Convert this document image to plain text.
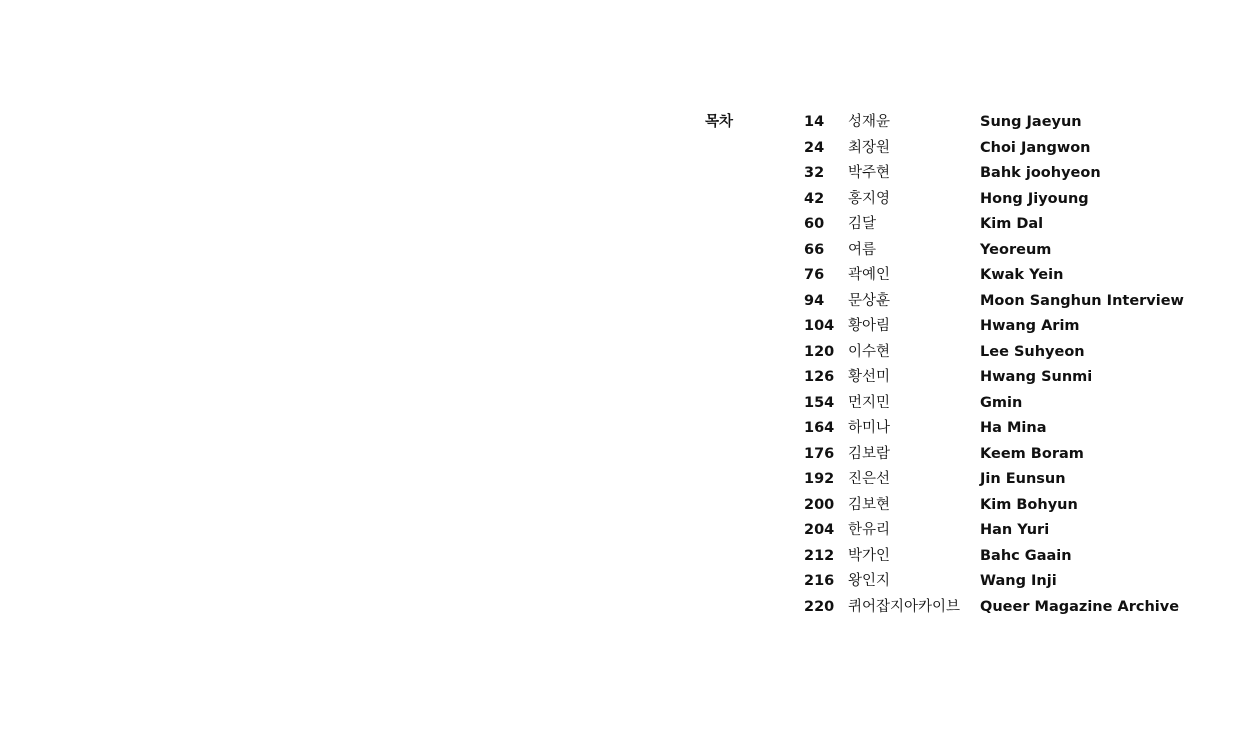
목차	14 성재윤	Sung Jaeyun
24 최장원	Choi Jangwon
32 박주현	Bahk joohyeon
42 홍지영	Hong Jiyoung
60 김달	Kim Dal
66 여름	Yeoreum
76 곽예인	Kwak Yein
94 문상훈	Moon Sanghun Interview
104 황아림	Hwang Arim
120 이수현	Lee Suhyeon
126 황선미	Hwang Sunmi
154 먼지민	Gmin
164 하미나	Ha Mina
176 김보람	Keem Boram
192 진은선	Jin Eunsun
200 김보현	Kim Bohyun
204 한유리	Han Yuri
212 박가인	Bahc Gaain
216 왕인지	Wang Inji
220 퀴어잡지아카이브 Queer Magazine Archive
